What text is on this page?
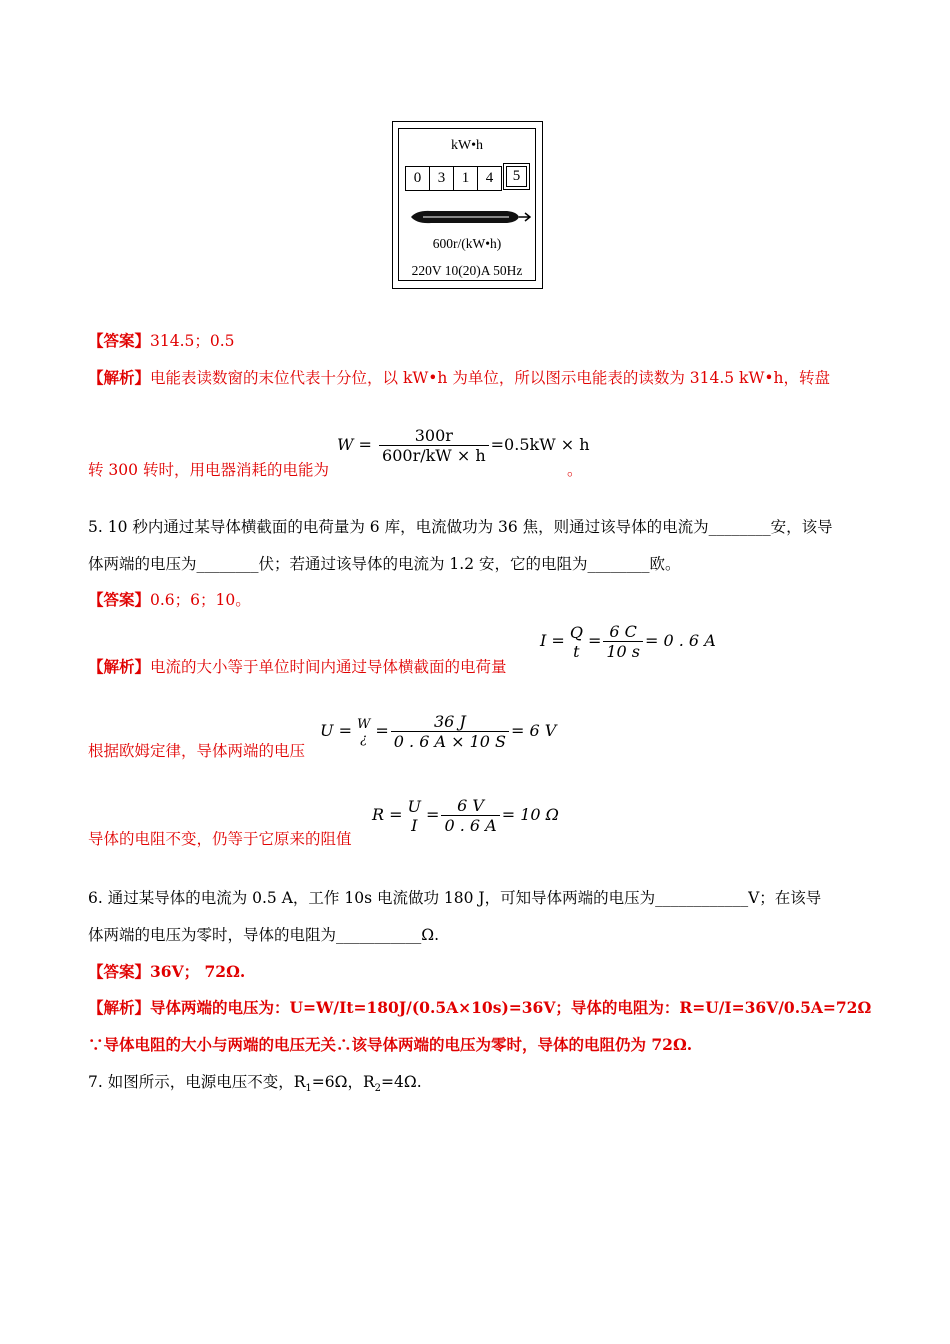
kW•h
0	3	1	4	5
600r/(kW•h)
220V 10(20)A 50Hz
【答案】314.5；0.5
【解析】电能表读数窗的末位代表十分位，以 kW•h 为单位，所以图示电能表的读数为 314.5 kW•h，转盘
转 300 转时，用电器消耗的电能为
$W = \frac{300r}{600r/kW \times h} =0.5kW \times h$
。
5. 10 秒内通过某导体横截面的电荷量为 6 库，电流做功为 36 焦，则通过该导体的电流为________安，该导
体两端的电压为________伏；若通过该导体的电流为 1.2 安，它的电阻为________欧。
【答案】0.6；6；10。
【解析】电流的大小等于单位时间内通过导体横截面的电荷量
I = Q
t
= $\frac{6 C}{10 s} = 0$ . 6 A
根据欧姆定律，导体两端的电压
U = W
¿ = $\frac{36 J}{0 . 6 A \times 10 S} = 6$ V
导体的电阻不变，仍等于它原来的阻值
R = U
I
= $\frac{6 V}{0 . 6 A} = 10$ Ω
6. 通过某导体的电流为 0.5 A，工作 10s 电流做功 180 J，可知导体两端的电压为____________V；在该导
体两端的电压为零时，导体的电阻为___________Ω.
【答案】36V； 72Ω.
【解析】导体两端的电压为：U=W/It=180J/(0.5A×10s)=36V；导体的电阻为：R=U/I=36V/0.5A=72Ω
∵导体电阻的大小与两端的电压无关∴该导体两端的电压为零时，导体的电阻仍为 72Ω.
7. 如图所示，电源电压不变，$R_1=6\Omega$，$R_2=4\Omega$.
